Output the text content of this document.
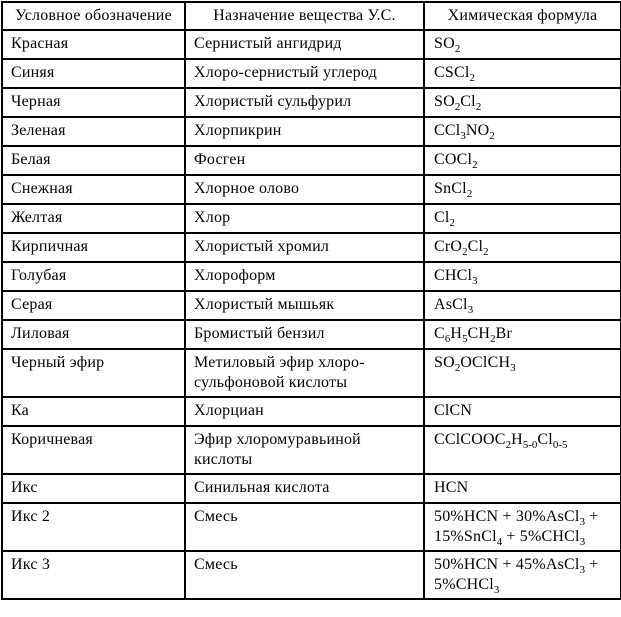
Условное обозначение	Назначение вещества У.С.	Химическая формула
Красная	Сернистый ангидрид	$SO_2$
Синяя	Хлоро-сернистый углерод	CSCl$_2$
Черная	Хлористый сульфурил	$SO_2Cl_2$
Зеленая	Хлорпикрин	$CCl_3NO_2$
Белая	Фосген	COCl$_2$
Снежная	Хлорное олово	SnCl$_2$
Желтая	Хлор	$Cl_2$
Кирпичная	Хлористый хромил	$CrO_2Cl_2$
Голубая	Хлороформ	CHCl$_3$
Серая	Хлористый мышьяк	AsCl$_3$
Лиловая	Бромистый бензил	$C_6H_5CH_2Br$
Черный эфир	Метиловый эфир хлоро-сульфоновой кислоты	$SO_2OClCH_3$
Ка	Хлорциан	ClCN
Коричневая	Эфир хлоромуравьиной кислоты	$CClCOOC_2H_{5-0}Cl_{0-5}$
Икс	Синильная кислота	HCN
Икс 2	Смесь	50%HCN + 30%AsCl$_3$ + 15%SnCl$_4$ + 5%CHCl$_3$
Икс 3	Смесь	50%HCN + 45%AsCl$_3$ + 5%CHCl$_3$
